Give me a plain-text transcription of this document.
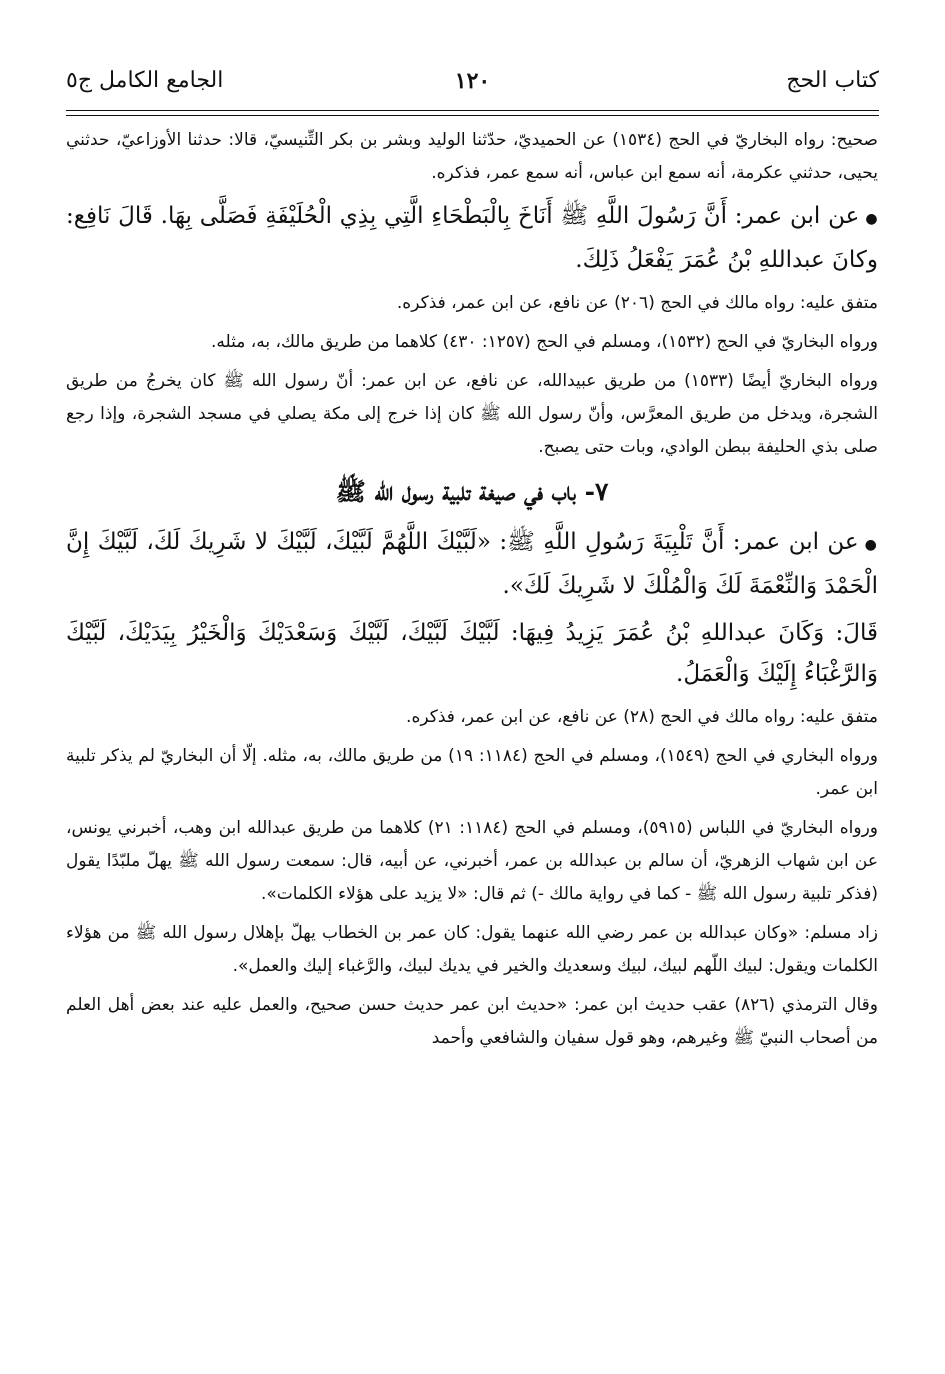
كتاب الحج
١٢٠
الجامع الكامل ج٥

صحيح: رواه البخاريّ في الحج (١٥٣٤) عن الحميديّ، حدّثنا الوليد وبشر بن بكر التِّنيسيّ، قالا: حدثنا الأوزاعيّ، حدثني يحيى، حدثني عكرمة، أنه سمع ابن عباس، أنه سمع عمر، فذكره.

●عن ابن عمر: أَنَّ رَسُولَ اللَّهِ ﷺ أَنَاخَ بِالْبَطْحَاءِ الَّتِي بِذِي الْحُلَيْفَةِ فَصَلَّى بِهَا. قَالَ نَافِع: وكانَ عبداللهِ بْنُ عُمَرَ يَفْعَلُ ذَلِكَ.

متفق عليه: رواه مالك في الحج (٢٠٦) عن نافع، عن ابن عمر، فذكره.

ورواه البخاريّ في الحج (١٥٣٢)، ومسلم في الحج (١٢٥٧: ٤٣٠) كلاهما من طريق مالك، به، مثله.

ورواه البخاريّ أيضًا (١٥٣٣) من طريق عبيدالله، عن نافع، عن ابن عمر: أنّ رسول الله ﷺ كان يخرجُ من طريق الشجرة، ويدخل من طريق المعرَّس، وأنّ رسول الله ﷺ كان إذا خرج إلى مكة يصلي في مسجد الشجرة، وإذا رجع صلى بذي الحليفة ببطن الوادي، وبات حتى يصبح.

٧- باب في صيغة تلبية رسول الله ﷺ

●عن ابن عمر: أَنَّ تَلْبِيَةَ رَسُولِ اللَّهِ ﷺ: «لَبَّيْكَ اللَّهُمَّ لَبَّيْكَ، لَبَّيْكَ لا شَرِيكَ لَكَ، لَبَّيْكَ إِنَّ الْحَمْدَ وَالنِّعْمَةَ لَكَ وَالْمُلْكَ لا شَرِيكَ لَكَ».

قَالَ: وَكَانَ عبداللهِ بْنُ عُمَرَ يَزِيدُ فِيهَا: لَبَّيْكَ لَبَّيْكَ، لَبَّيْكَ وَسَعْدَيْكَ وَالْخَيْرُ بِيَدَيْكَ، لَبَّيْكَ وَالرَّغْبَاءُ إِلَيْكَ وَالْعَمَلُ.

متفق عليه: رواه مالك في الحج (٢٨) عن نافع، عن ابن عمر، فذكره.

ورواه البخاري في الحج (١٥٤٩)، ومسلم في الحج (١١٨٤: ١٩) من طريق مالك، به، مثله. إلّا أن البخاريّ لم يذكر تلبية ابن عمر.

ورواه البخاريّ في اللباس (٥٩١٥)، ومسلم في الحج (١١٨٤: ٢١) كلاهما من طريق عبدالله ابن وهب، أخبرني يونس، عن ابن شهاب الزهريّ، أن سالم بن عبدالله بن عمر، أخبرني، عن أبيه، قال: سمعت رسول الله ﷺ يهلّ ملبّدًا يقول (فذكر تلبية رسول الله ﷺ - كما في رواية مالك -) ثم قال: «لا يزيد على هؤلاء الكلمات».

زاد مسلم: «وكان عبدالله بن عمر رضي الله عنهما يقول: كان عمر بن الخطاب يهلّ بإهلال رسول الله ﷺ من هؤلاء الكلمات ويقول: لبيك اللّهم لبيك، لبيك وسعديك والخير في يديك لبيك، والرَّغباء إليك والعمل».

وقال الترمذي (٨٢٦) عقب حديث ابن عمر: «حديث ابن عمر حديث حسن صحيح، والعمل عليه عند بعض أهل العلم من أصحاب النبيّ ﷺ وغيرهم، وهو قول سفيان والشافعي وأحمد
